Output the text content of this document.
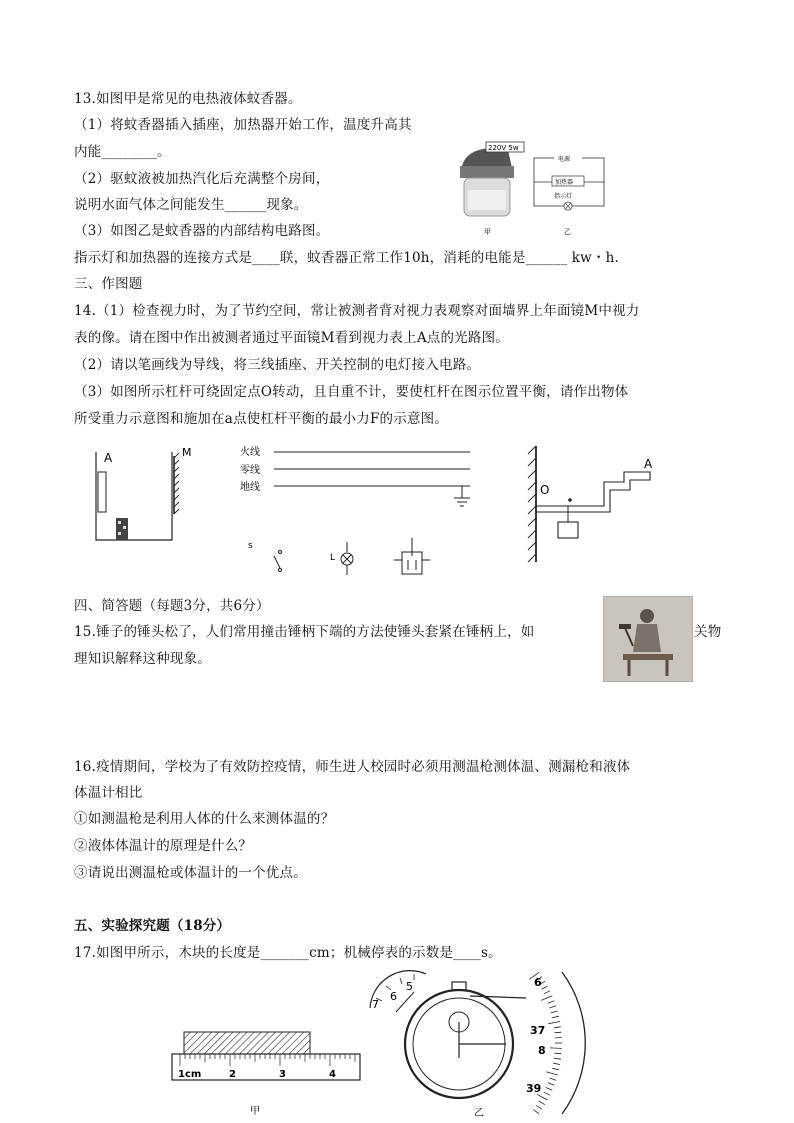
13.如图甲是常见的电热液体蚊香器。
（1）将蚊香器插入插座，加热器开始工作，温度升高其
内能________。
（2）驱蚊液被加热汽化后充满整个房间，
说明水面气体之间能发生______现象。
（3）如图乙是蚊香器的内部结构电路图。
指示灯和加热器的连接方式是____联，蚊香器正常工作10h，消耗的电能是______ kw・h.
220V 5w
电源
加热器
指示灯
甲	乙
三、作图题
14.（1）检查视力时，为了节约空间，常让被测者背对视力表观察对面墙界上年面镜M中视力
表的像。请在图中作出被测者通过平面镜M看到视力表上A点的光路图。
（2）请以笔画线为导线，将三线插座、开关控制的电灯接入电路。
（3）如图所示杠杆可绕固定点O转动，且自重不计，要使杠杆在图示位置平衡，请作出物体
所受重力示意图和施加在a点使杠杆平衡的最小力F的示意图。
A	M	火线
零线
地线
s
L
O
A
四、简答题（每题3分，共6分）
15.锤子的锤头松了，人们常用撞击锤柄下端的方法使锤头套紧在锤柄上，如	关物
理知识解释这种现象。
16.疫情期间，学校为了有效防控疫情，师生进人校园时必须用测温枪测体温、测漏枪和液体
体温计相比
①如测温枪是利用人体的什么来测体温的？
②液体体温计的原理是什么？
③请说出测温枪或体温计的一个优点。
五、实验探究题（18分）
17.如图甲所示，木块的长度是_______cm；机械停表的示数是____s。
1cm	2	3	4
甲
7
6
5	6
37
8
39
乙
